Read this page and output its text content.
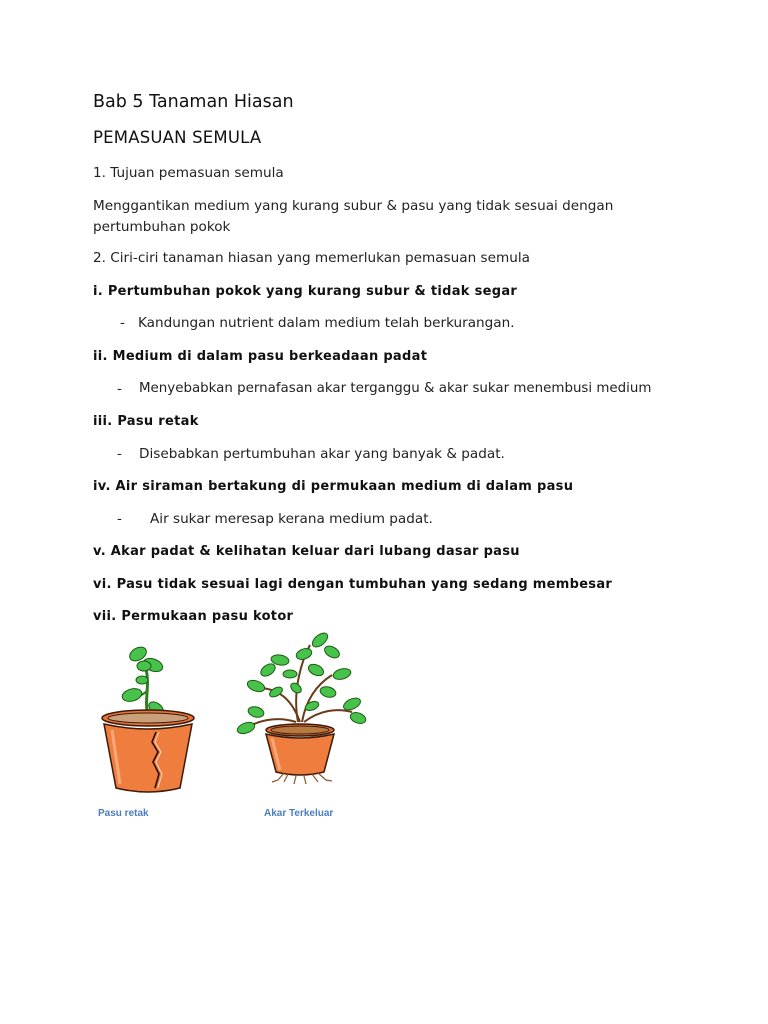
Bab 5 Tanaman Hiasan
PEMASUAN SEMULA
1. Tujuan pemasuan semula
Menggantikan medium yang kurang subur & pasu yang tidak sesuai dengan
pertumbuhan pokok
2. Ciri-ciri tanaman hiasan yang memerlukan pemasuan semula
i. Pertumbuhan pokok yang kurang subur & tidak segar
- Kandungan nutrient dalam medium telah berkurangan.
ii. Medium di dalam pasu berkeadaan padat
- Menyebabkan pernafasan akar terganggu & akar sukar menembusi medium
iii. Pasu retak
- Disebabkan pertumbuhan akar yang banyak & padat.
iv. Air siraman bertakung di permukaan medium di dalam pasu
- Air sukar meresap kerana medium padat.
v. Akar padat & kelihatan keluar dari lubang dasar pasu
vi. Pasu tidak sesuai lagi dengan tumbuhan yang sedang membesar
vii. Permukaan pasu kotor
Pasu retak	Akar Terkeluar
